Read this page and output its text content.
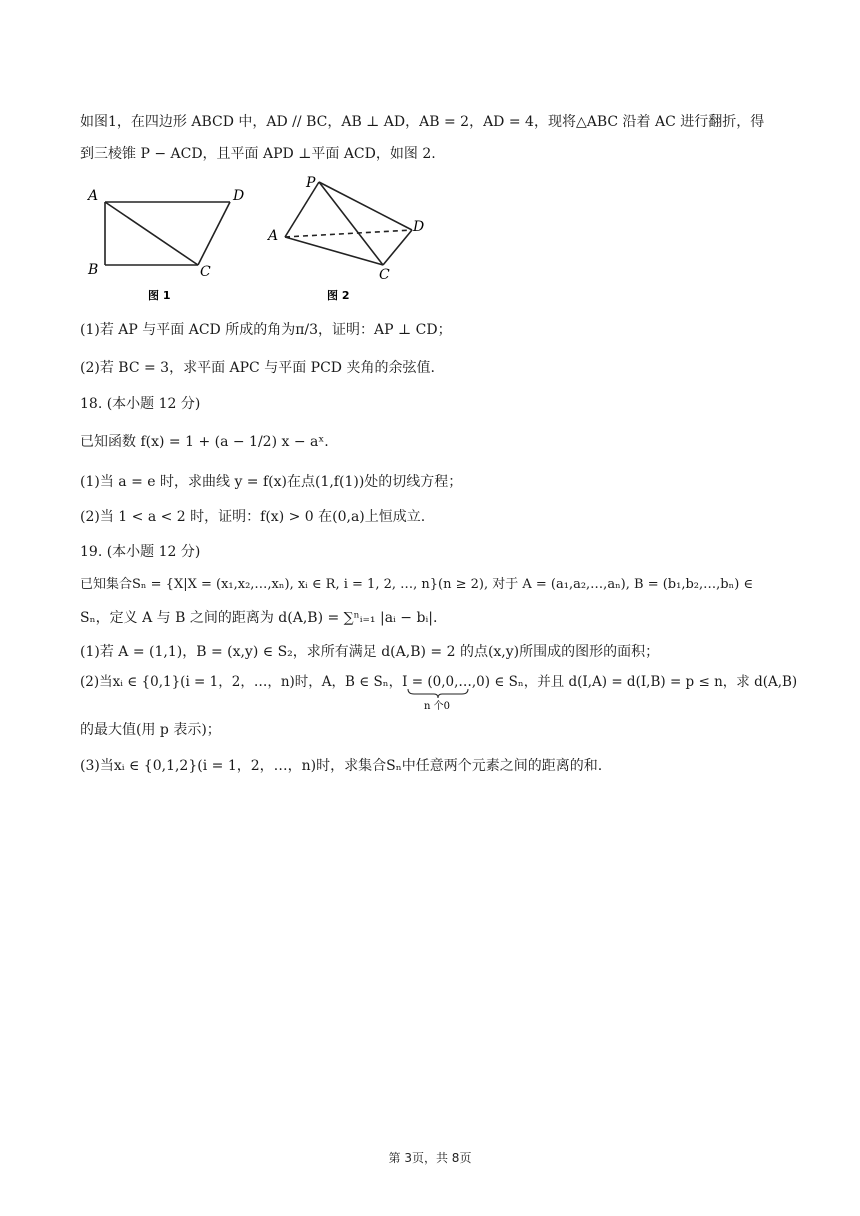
如图1，在四边形 ABCD 中，AD // BC，AB ⊥ AD，AB = 2，AD = 4，现将△ABC 沿着 AC 进行翻折，得
到三棱锥 P − ACD，且平面 APD ⊥平面 ACD，如图 2.
A	D
B	C
图 1
P
A
D
C
图 2
(1)若 AP 与平面 ACD 所成的角为π/3，证明：AP ⊥ CD；
(2)若 BC = 3，求平面 APC 与平面 PCD 夹角的余弦值.
18. (本小题 12 分)
已知函数 f(x) = 1 + (a − 1/2) x − aˣ.
(1)当 a = e 时，求曲线 y = f(x)在点(1,f(1))处的切线方程；
(2)当 1 < a < 2 时，证明：f(x) > 0 在(0,a)上恒成立.
19. (本小题 12 分)
已知集合Sₙ = {X|X = (x₁,x₂,…,xₙ), xᵢ ∈ R, i = 1, 2, …, n}(n ≥ 2), 对于 A = (a₁,a₂,…,aₙ), B = (b₁,b₂,…,bₙ) ∈
Sₙ，定义 A 与 B 之间的距离为 d(A,B) = ∑ⁿᵢ₌₁ |aᵢ − bᵢ|.
(1)若 A = (1,1)，B = (x,y) ∈ S₂，求所有满足 d(A,B) = 2 的点(x,y)所围成的图形的面积；
(2)当xᵢ ∈ {0,1}(i = 1，2，…，n)时，A，B ∈ Sₙ，I = (0,0,…,0) ∈ Sₙ，并且 d(I,A) = d(I,B) = p ≤ n，求 d(A,B)
n 个0
的最大值(用 p 表示)；
(3)当xᵢ ∈ {0,1,2}(i = 1，2，…，n)时，求集合Sₙ中任意两个元素之间的距离的和.
第 3页，共 8页
